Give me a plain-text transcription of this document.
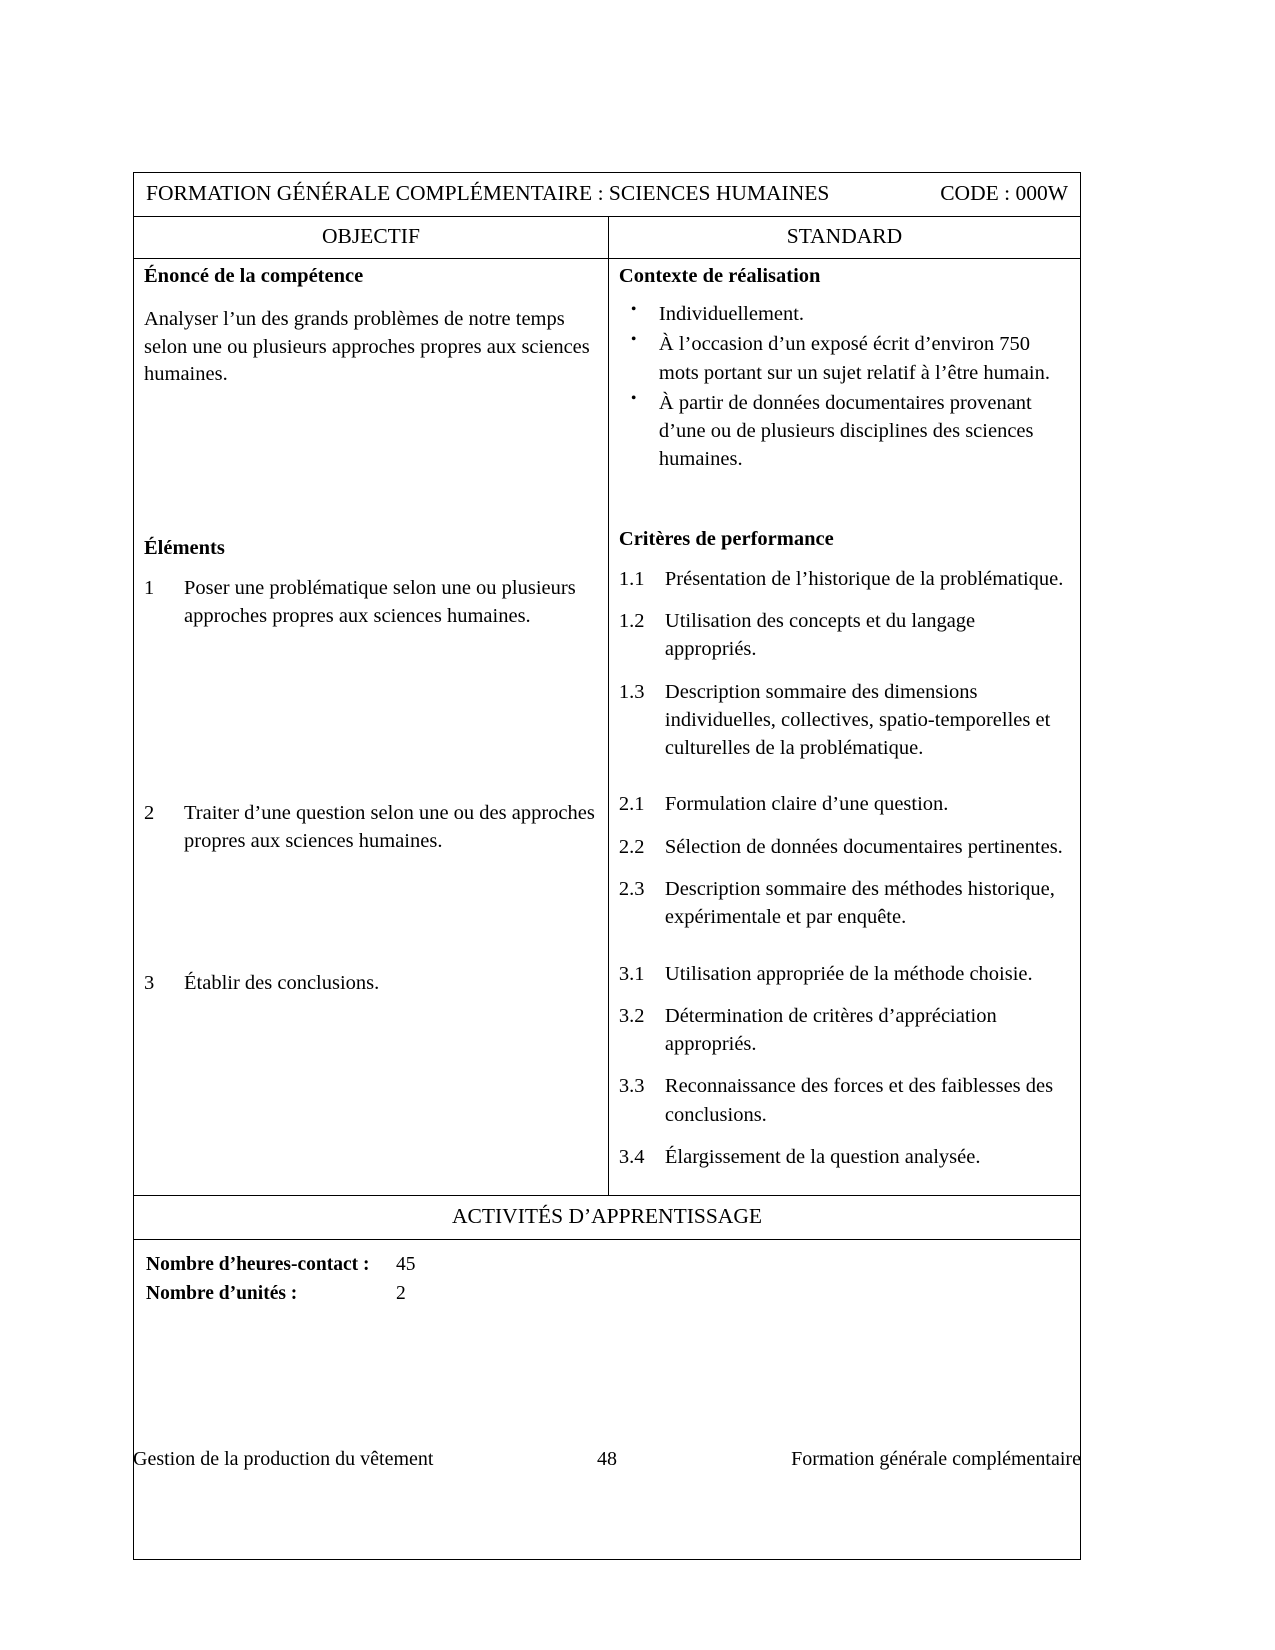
FORMATION GÉNÉRALE COMPLÉMENTAIRE : SCIENCES HUMAINES	CODE : 000W
OBJECTIF	STANDARD
Énoncé de la compétence
Analyser l’un des grands problèmes de notre temps selon une ou plusieurs approches propres aux sciences humaines.
Éléments
1	Poser une problématique selon une ou plusieurs approches propres aux sciences humaines.
2	Traiter d’une question selon une ou des approches propres aux sciences humaines.
3	Établir des conclusions.
Contexte de réalisation
• Individuellement.
• À l’occasion d’un exposé écrit d’environ 750 mots portant sur un sujet relatif à l’être humain.
• À partir de données documentaires provenant d’une ou de plusieurs disciplines des sciences humaines.
Critères de performance
1.1 Présentation de l’historique de la problématique.
1.2 Utilisation des concepts et du langage appropriés.
1.3 Description sommaire des dimensions individuelles, collectives, spatio-temporelles et culturelles de la problématique.
2.1 Formulation claire d’une question.
2.2 Sélection de données documentaires pertinentes.
2.3 Description sommaire des méthodes historique, expérimentale et par enquête.
3.1 Utilisation appropriée de la méthode choisie.
3.2 Détermination de critères d’appréciation appropriés.
3.3 Reconnaissance des forces et des faiblesses des conclusions.
3.4 Élargissement de la question analysée.
ACTIVITÉS D’APPRENTISSAGE
Nombre d’heures-contact :	45
Nombre d’unités :	2
Gestion de la production du vêtement	48	Formation générale complémentaire
